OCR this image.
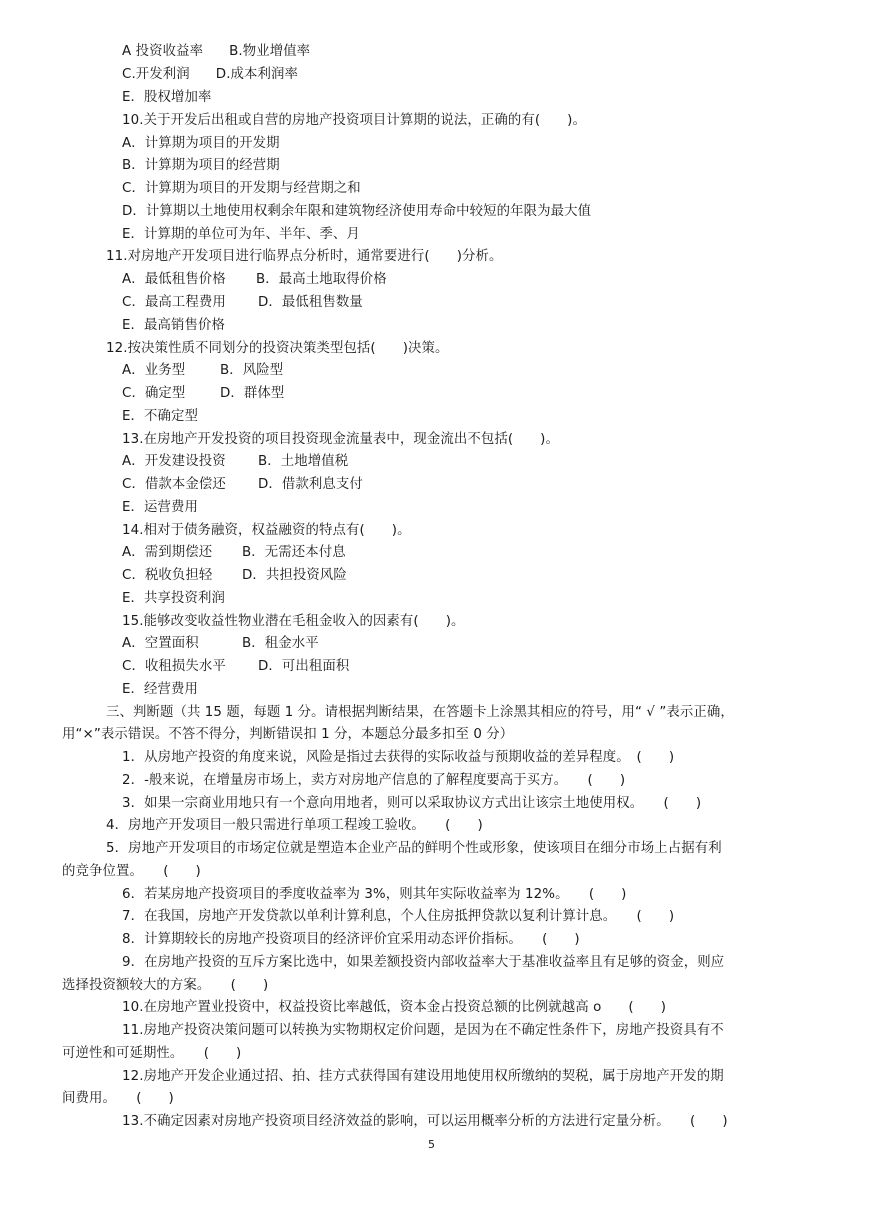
A 投资收益率 B.物业增值率
C.开发利润 D.成本利润率
E．股权增加率
10.关于开发后出租或自营的房地产投资项目计算期的说法，正确的有(　　)。
A．计算期为项目的开发期
B．计算期为项目的经营期
C．计算期为项目的开发期与经营期之和
D．计算期以土地使用权剩余年限和建筑物经济使用寿命中较短的年限为最大值
E．计算期的单位可为年、半年、季、月
11.对房地产开发项目进行临界点分析时，通常要进行(　　)分析。
A．最低租售价格 B．最高土地取得价格
C．最高工程费用 D．最低租售数量
E．最高销售价格
12.按决策性质不同划分的投资决策类型包括(　　)决策。
A．业务型	B．风险型
C．确定型	D．群体型
E．不确定型
13.在房地产开发投资的项目投资现金流量表中，现金流出不包括(　　)。
A．开发建设投资 B．土地增值税
C．借款本金偿还 D．借款利息支付
E．运营费用
14.相对于债务融资，权益融资的特点有(　　)。
A．需到期偿还 B．无需还本付息
C．税收负担轻 D．共担投资风险
E．共享投资利润
15.能够改变收益性物业潜在毛租金收入的因素有(　　)。
A．空置面积	B．租金水平
C．收租损失水平 D．可出租面积
E．经营费用
三、判断题（共 15 题，每题 1 分。请根据判断结果，在答题卡上涂黑其相应的符号，用“ √ ”表示正确，
用“×”表示错误。不答不得分，判断错误扣 1 分，本题总分最多扣至 0 分）
1．从房地产投资的角度来说，风险是指过去获得的实际收益与预期收益的差异程度。　(　　)
2．-般来说，在增量房市场上，卖方对房地产信息的了解程度要高于买方。　　(　　)
3．如果一宗商业用地只有一个意向用地者，则可以采取协议方式出让该宗土地使用权。　　(　　)
4．房地产开发项目一般只需进行单项工程竣工验收。　　(　　)
5．房地产开发项目的市场定位就是塑造本企业产品的鲜明个性或形象，使该项目在细分市场上占据有利
的竞争位置。　　(　　)
6．若某房地产投资项目的季度收益率为 3%，则其年实际收益率为 12%。　　(　　)
7．在我国，房地产开发贷款以单利计算利息，个人住房抵押贷款以复利计算计息。　　(　　)
8．计算期较长的房地产投资项目的经济评价宜采用动态评价指标。　　(　　)
9．在房地产投资的互斥方案比选中，如果差额投资内部收益率大于基准收益率且有足够的资金，则应
选择投资额较大的方案。　　(　　)
10.在房地产置业投资中，权益投资比率越低，资本金占投资总额的比例就越高 o　　(　　)
11.房地产投资决策问题可以转换为实物期权定价问题，是因为在不确定性条件下，房地产投资具有不
可逆性和可延期性。　　(　　)
12.房地产开发企业通过招、拍、挂方式获得国有建设用地使用权所缴纳的契税，属于房地产开发的期
间费用。　　(　　)
13.不确定因素对房地产投资项目经济效益的影响，可以运用概率分析的方法进行定量分析。　　(　　)
5
